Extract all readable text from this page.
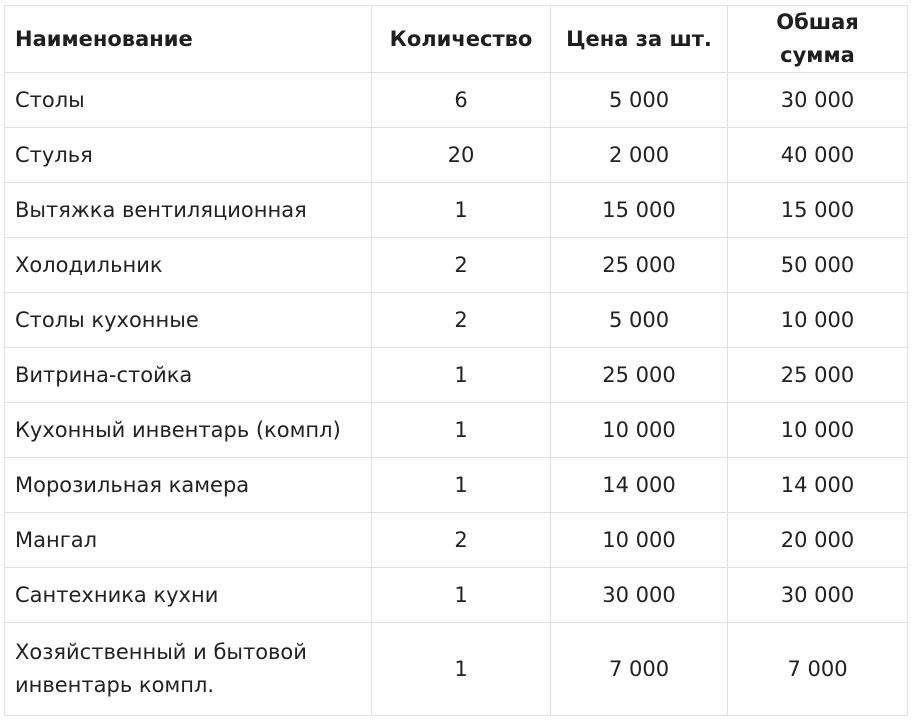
Наименование	Количество	Цена за шт.	Обшая сумма
Столы	6	5 000	30 000
Стулья	20	2 000	40 000
Вытяжка вентиляционная	1	15 000	15 000
Холодильник	2	25 000	50 000
Столы кухонные	2	5 000	10 000
Витрина-стойка	1	25 000	25 000
Кухонный инвентарь (компл)	1	10 000	10 000
Морозильная камера	1	14 000	14 000
Мангал	2	10 000	20 000
Сантехника кухни	1	30 000	30 000
Хозяйственный и бытовой инвентарь компл.	1	7 000	7 000
